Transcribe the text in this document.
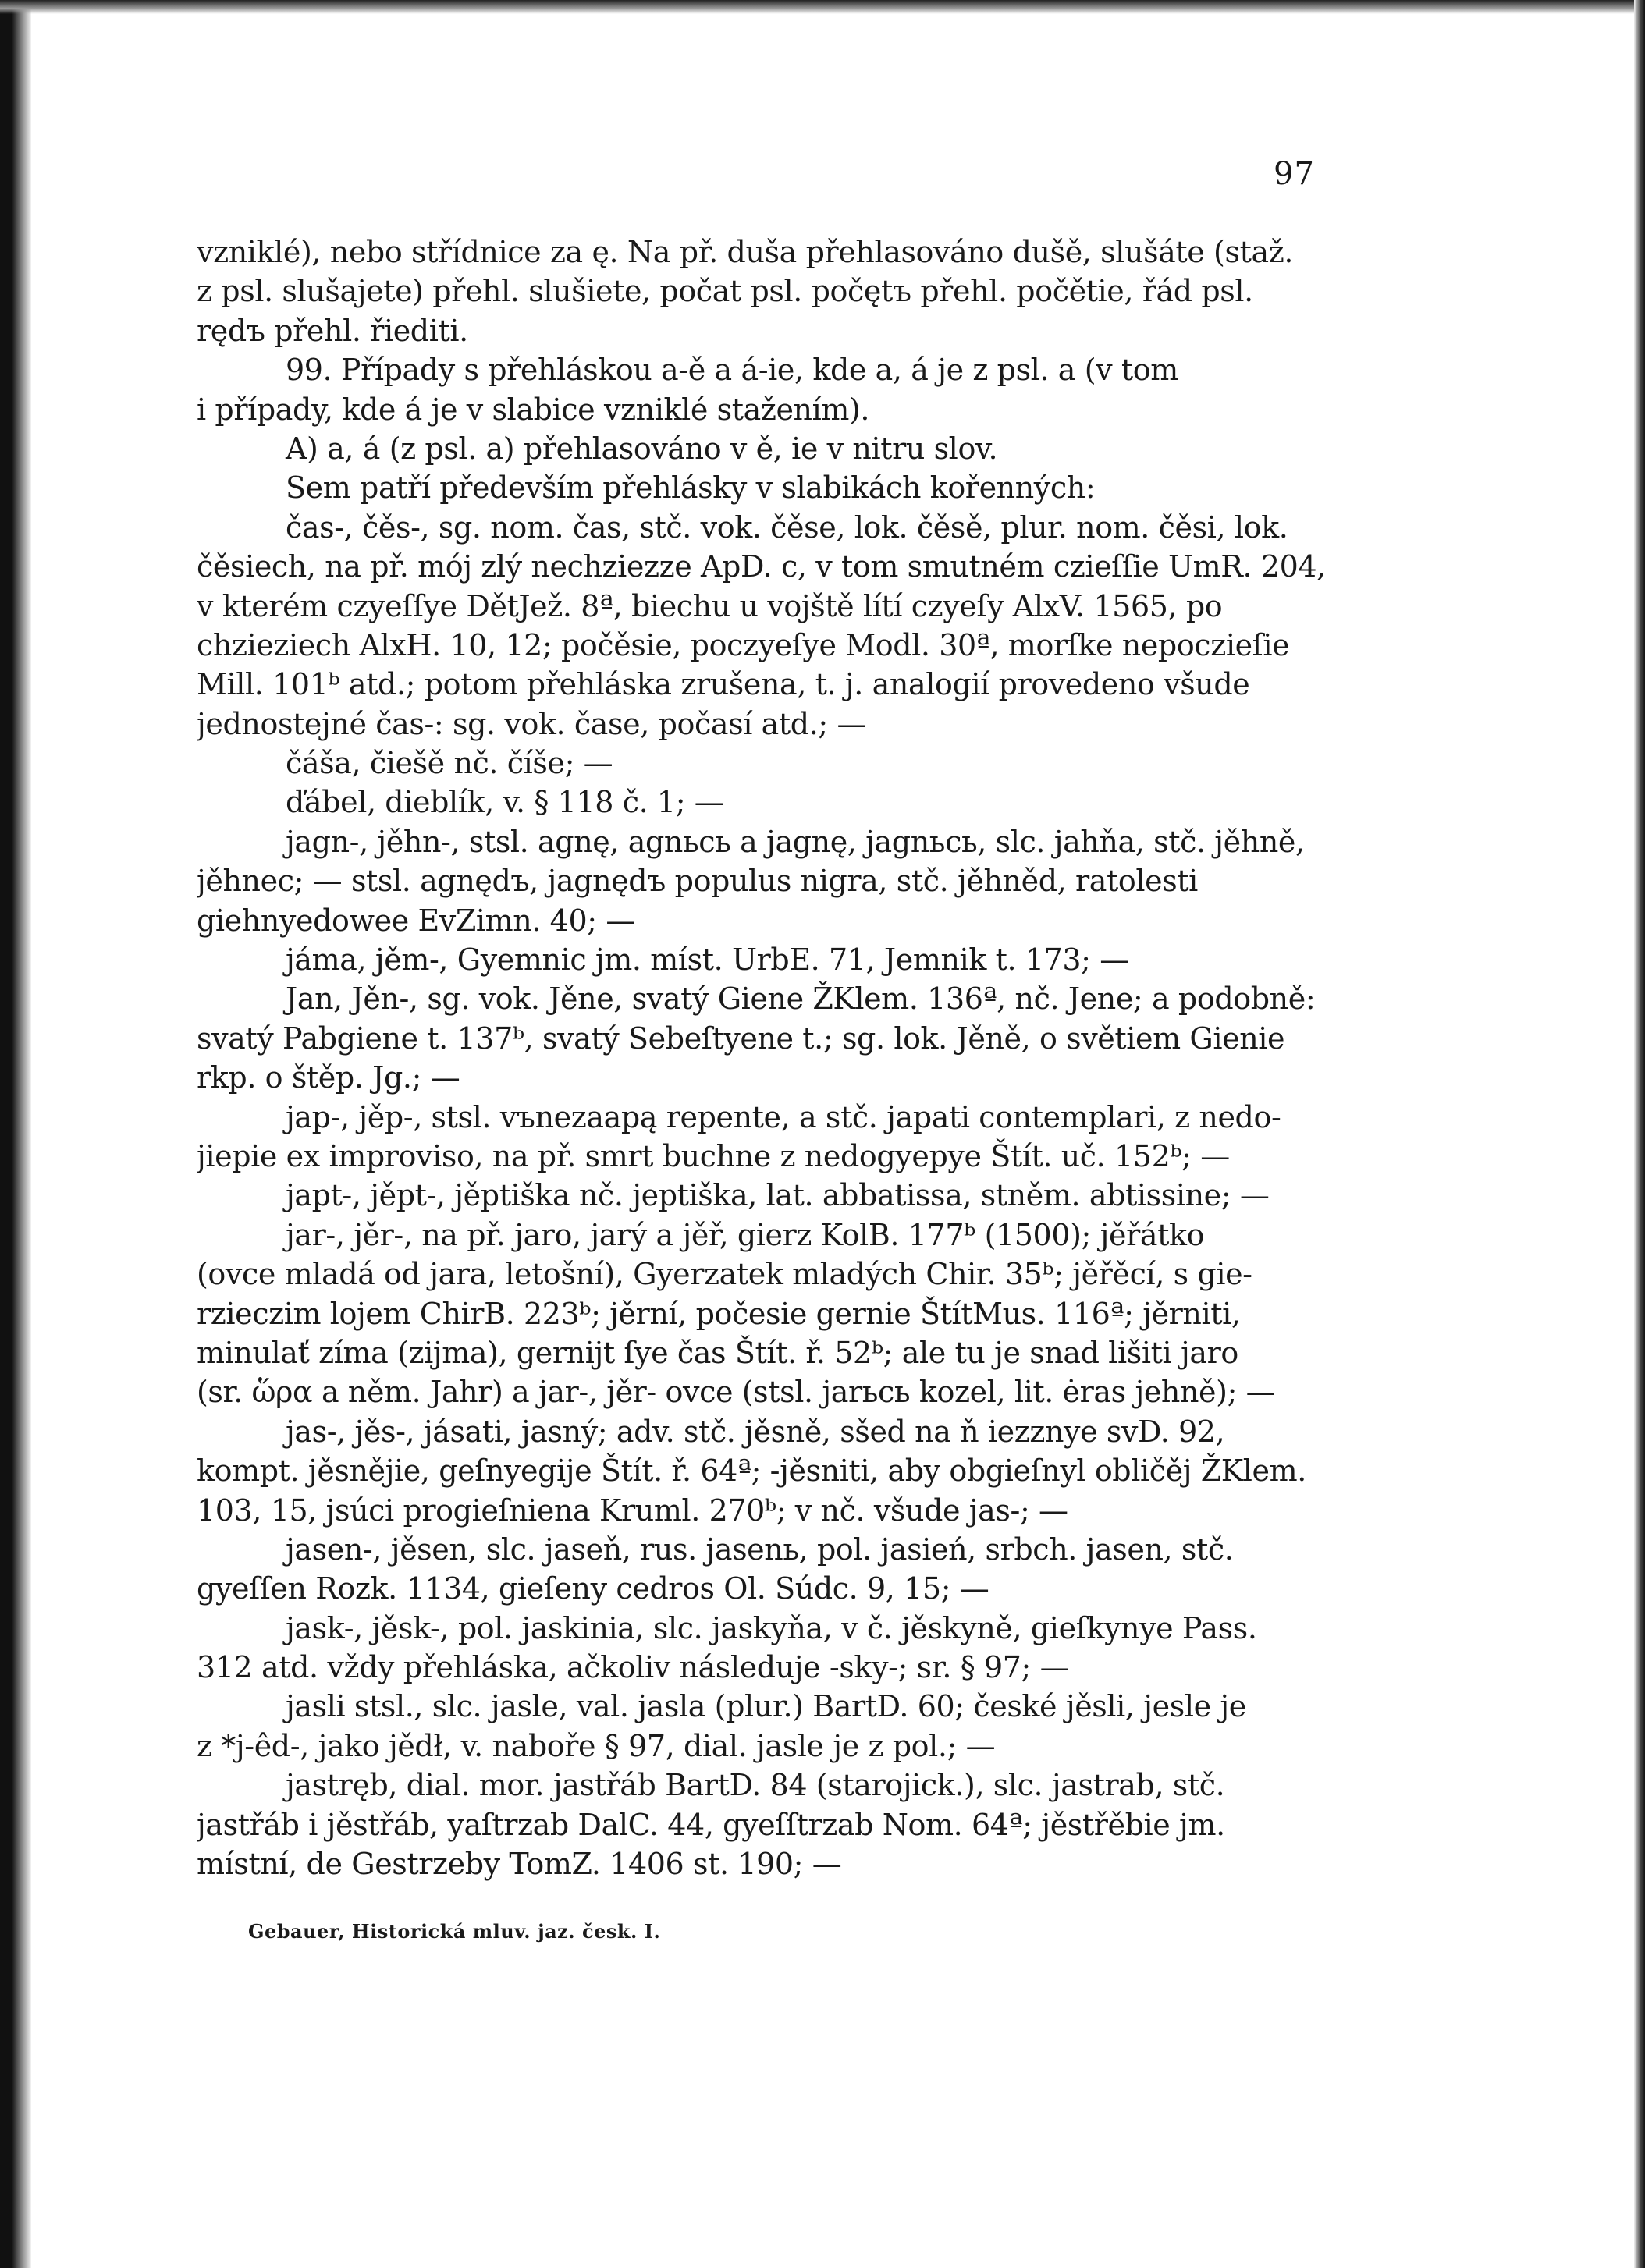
97
vzniklé), nebo střídnice za ę. Na př. duša přehlasováno dušě, slušáte (staž.
z psl. slušajete) přehl. slušiete, počat psl. počętъ přehl. počětie, řád psl.
rędъ přehl. řiediti.
99. Případy s přehláskou a-ě a á-ie, kde a, á je z psl. a (v tom
i případy, kde á je v slabice vzniklé stažením).
A) a, á (z psl. a) přehlasováno v ě, ie v nitru slov.
Sem patří především přehlásky v slabikách kořenných:
čas-, čěs-, sg. nom. čas, stč. vok. čěse, lok. čěsě, plur. nom. čěsi, lok.
čěsiech, na př. mój zlý nechziezze ApD. c, v tom smutném czieſſie UmR. 204,
v kterém czyeſſye DětJež. 8ª, biechu u vojště lítí czyeſy AlxV. 1565, po
chzieziech AlxH. 10, 12; počěsie, poczyeſye Modl. 30ª, morſke nepoczieſie
Mill. 101ᵇ atd.; potom přehláska zrušena, t. j. analogií provedeno všude
jednostejné čas-: sg. vok. čase, počasí atd.; —
čáša, čiešě nč. číše; —
ďábel, dieblík, v. § 118 č. 1; —
jagn-, jěhn-, stsl. agnę, agnьcь a jagnę, jagnьcь, slc. jahňa, stč. jěhně,
jěhnec; — stsl. agnędъ, jagnędъ populus nigra, stč. jěhněd, ratolesti
giehnyedowee EvZimn. 40; —
jáma, jěm-, Gyemnic jm. míst. UrbE. 71, Jemnik t. 173; —
Jan, Jěn-, sg. vok. Jěne, svatý Giene ŽKlem. 136ª, nč. Jene; a podobně:
svatý Pabgiene t. 137ᵇ, svatý Sebeſtyene t.; sg. lok. Jěně, o světiem Gienie
rkp. o štěp. Jg.; —
jap-, jěp-, stsl. vъnezaapą repente, a stč. japati contemplari, z nedo-
jiepie ex improviso, na př. smrt buchne z nedogyepye Štít. uč. 152ᵇ; —
japt-, jěpt-, jěptiška nč. jeptiška, lat. abbatissa, stněm. abtissine; —
jar-, jěr-, na př. jaro, jarý a jěř, gierz KolB. 177ᵇ (1500); jěřátko
(ovce mladá od jara, letošní), Gyerzatek mladých Chir. 35ᵇ; jěřěcí, s gie-
rzieczim lojem ChirB. 223ᵇ; jěrní, počesie gernie ŠtítMus. 116ª; jěrniti,
minulať zíma (zijma), gernijt ſye čas Štít. ř. 52ᵇ; ale tu je snad lišiti jaro
(sr. ὥρα a něm. Jahr) a jar-, jěr- ovce (stsl. jarьcь kozel, lit. ėras jehně); —
jas-, jěs-, jásati, jasný; adv. stč. jěsně, sšed na ň iezznye svD. 92,
kompt. jěsnějie, geſnyegije Štít. ř. 64ª; -jěsniti, aby obgieſnyl obličěj ŽKlem.
103, 15, jsúci progieſniena Kruml. 270ᵇ; v nč. všude jas-; —
jasen-, jěsen, slc. jaseň, rus. jasenь, pol. jasień, srbch. jasen, stč.
gyeſſen Rozk. 1134, gieſeny cedros Ol. Súdc. 9, 15; —
jask-, jěsk-, pol. jaskinia, slc. jaskyňa, v č. jěskyně, gieſkynye Pass.
312 atd. vždy přehláska, ačkoliv následuje -sky-; sr. § 97; —
jasli stsl., slc. jasle, val. jasla (plur.) BartD. 60; české jěsli, jesle je
z *j-êd-, jako jědł, v. nabоře § 97, dial. jasle je z pol.; —
jastręb, dial. mor. jastřáb BartD. 84 (starojick.), slc. jastrab, stč.
jastřáb i jěstřáb, yaſtrzab DalC. 44, gyeſſtrzab Nom. 64ª; jěstřěbie jm.
místní, de Gestrzeby TomZ. 1406 st. 190; —
Gebauer, Historická mluv. jaz. česk. I.
